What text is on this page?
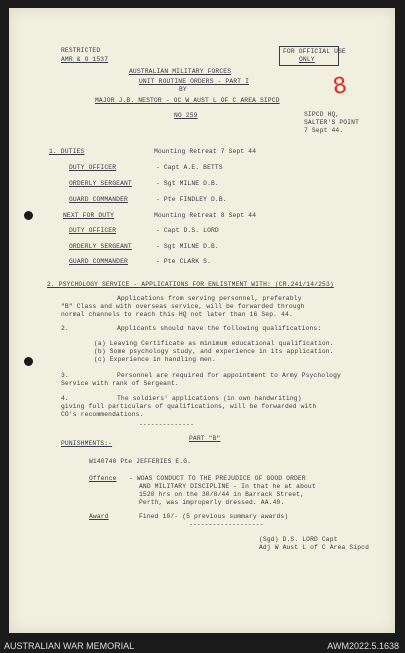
RESTRICTED
AMR & O 1537
FOR OFFICIAL USE
ONLY
AUSTRALIAN MILITARY FORCES
UNIT ROUTINE ORDERS - PART I
BY
MAJOR J.B. NESTOR - OC W AUST L OF C AREA SIPCD
NO 259	SIPCD HQ,
SALTER'S POINT
7 Sept 44.
8
1. DUTIES	Mounting Retreat 7 Sept 44
DUTY OFFICER	- Capt A.E. BETTS
ORDERLY SERGEANT	- Sgt MILNE D.B.
GUARD COMMANDER	- Pte FINDLEY D.B.
NEXT FOR DUTY	Mounting Retreat 8 Sept 44
DUTY OFFICER	- Capt D.S. LORD
ORDERLY SERGEANT	- Sgt MILNE D.B.
GUARD COMMANDER	- Pte CLARK S.
2. PSYCHOLOGY SERVICE - APPLICATIONS FOR ENLISTMENT WITH: (CR.241/14/253)
Applications from serving personnel, preferably
"B" Class and with overseas service, will be forwarded through
normal channels to reach this HQ not later than 16 Sep. 44.
2.	Applicants should have the following qualifications:
(a) Leaving Certificate as minimum educational qualification.
(b) Some psychology study, and experience in its application.
(c) Experience in handling men.
3.	Personnel are required for appointment to Army Psychology
Service with rank of Sergeant.
4.	The soldiers' applications (in own handwriting)
giving full particulars of qualifications, will be forwarded with
CO's recommendations.
--------------
PART "B"
PUNISHMENTS:-
W140740 Pte JEFFERIES E.G.
Offence - WOAS CONDUCT TO THE PREJUDICE OF GOOD ORDER
AND MILITARY DISCIPLINE - In that he at about
1520 hrs on the 30/8/44 in Barrack Street,
Perth, was improperly dressed. AA.40.
Award	Fined 10/- (5 previous summary awards)
-------------------
(Sgd) D.S. LORD Capt
Adj W Aust L of C Area Sipcd
AUSTRALIAN WAR MEMORIAL	AWM2022.5.1638
